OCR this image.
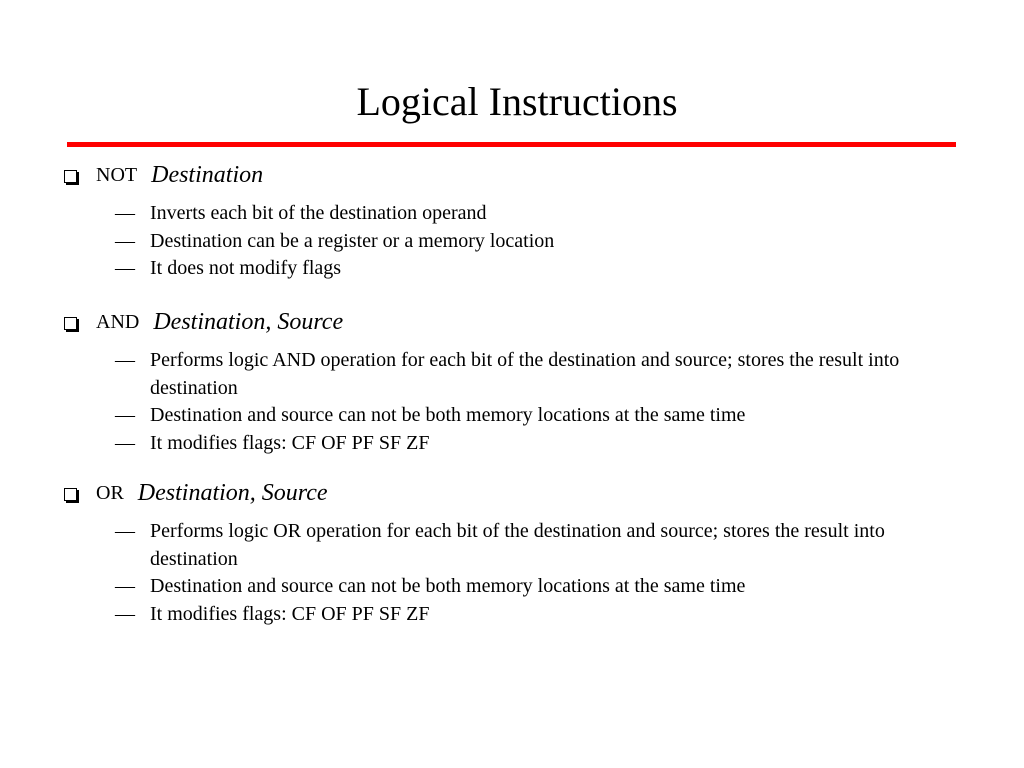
Logical Instructions
NOT Destination
— Inverts each bit of the destination operand
— Destination can be a register or a memory location
— It does not modify flags
AND Destination, Source
— Performs logic AND operation for each bit of the destination and source; stores the result into destination
— Destination and source can not be both memory locations at the same time
— It modifies flags: CF OF PF SF ZF
OR Destination, Source
— Performs logic OR operation for each bit of the destination and source; stores the result into destination
— Destination and source can not be both memory locations at the same time
— It modifies flags: CF OF PF SF ZF
